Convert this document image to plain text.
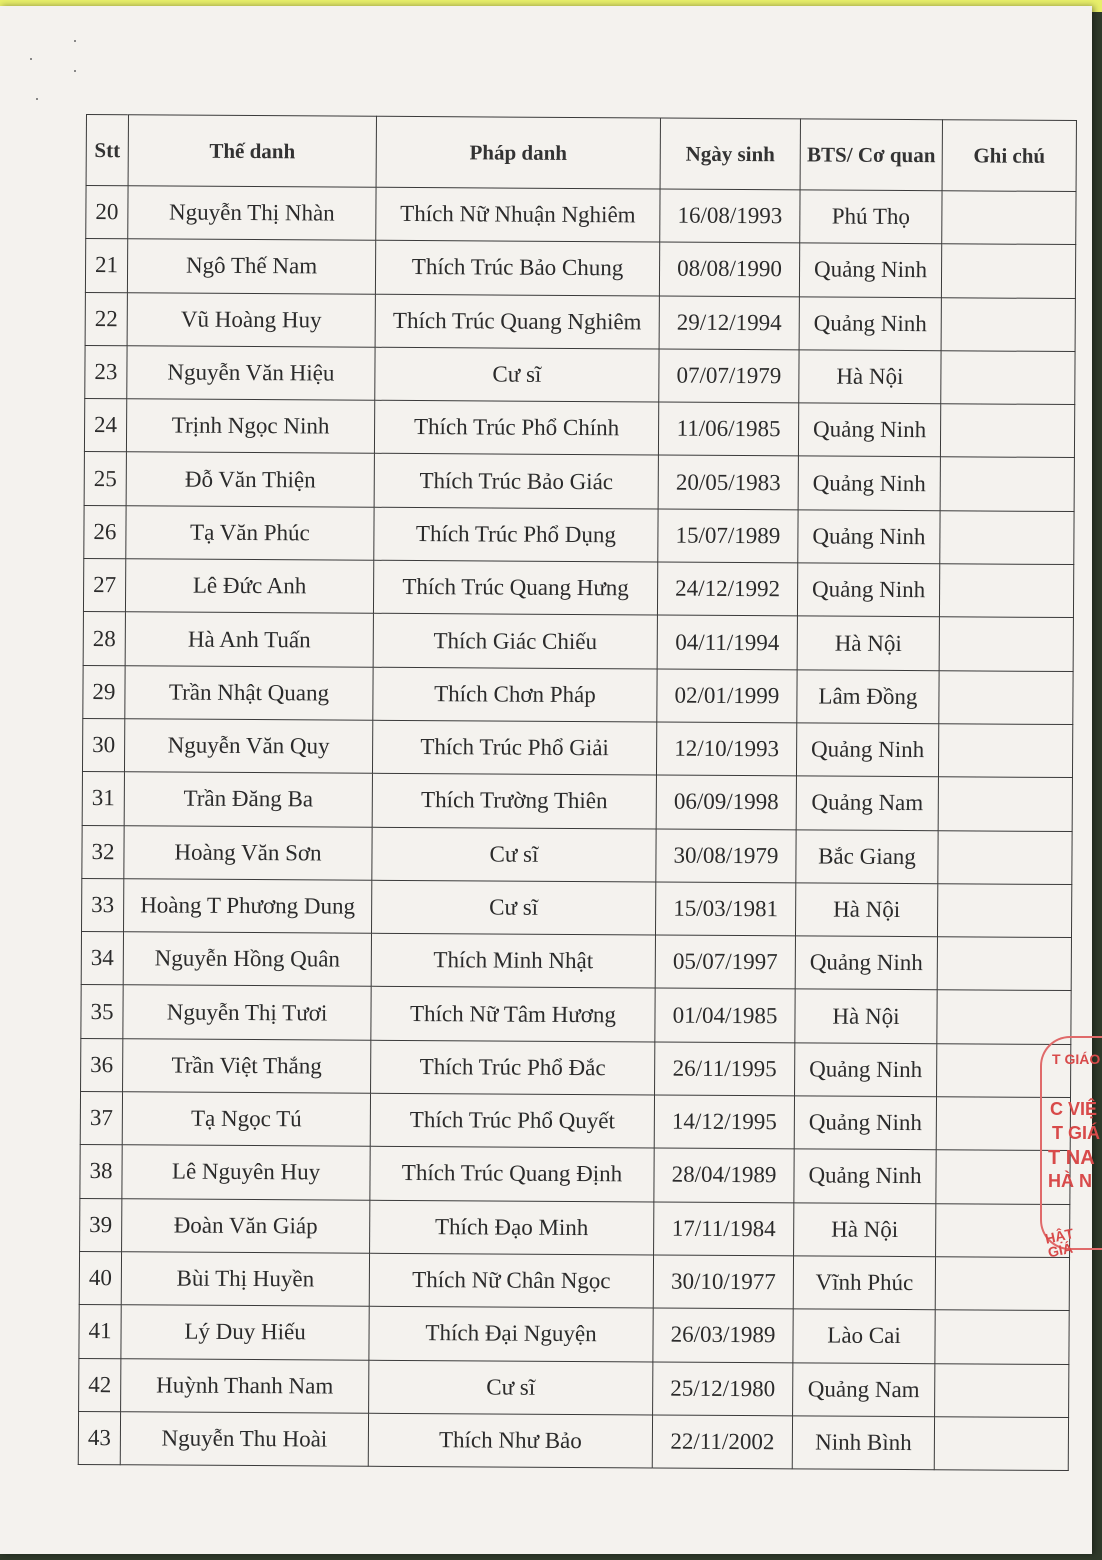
Stt	Thế danh	Pháp danh	Ngày sinh	BTS/ Cơ quan	Ghi chú
20	Nguyễn Thị Nhàn	Thích Nữ Nhuận Nghiêm	16/08/1993	Phú Thọ	
21	Ngô Thế Nam	Thích Trúc Bảo Chung	08/08/1990	Quảng Ninh	
22	Vũ Hoàng Huy	Thích Trúc Quang Nghiêm	29/12/1994	Quảng Ninh	
23	Nguyễn Văn Hiệu	Cư sĩ	07/07/1979	Hà Nội	
24	Trịnh Ngọc Ninh	Thích Trúc Phổ Chính	11/06/1985	Quảng Ninh	
25	Đỗ Văn Thiện	Thích Trúc Bảo Giác	20/05/1983	Quảng Ninh	
26	Tạ Văn Phúc	Thích Trúc Phổ Dụng	15/07/1989	Quảng Ninh	
27	Lê Đức Anh	Thích Trúc Quang Hưng	24/12/1992	Quảng Ninh	
28	Hà Anh Tuấn	Thích Giác Chiếu	04/11/1994	Hà Nội	
29	Trần Nhật Quang	Thích Chơn Pháp	02/01/1999	Lâm Đồng	
30	Nguyễn Văn Quy	Thích Trúc Phổ Giải	12/10/1993	Quảng Ninh	
31	Trần Đăng Ba	Thích Trường Thiên	06/09/1998	Quảng Nam	
32	Hoàng Văn Sơn	Cư sĩ	30/08/1979	Bắc Giang	
33	Hoàng T Phương Dung	Cư sĩ	15/03/1981	Hà Nội	
34	Nguyễn Hồng Quân	Thích Minh Nhật	05/07/1997	Quảng Ninh	
35	Nguyễn Thị Tươi	Thích Nữ Tâm Hương	01/04/1985	Hà Nội	
36	Trần Việt Thắng	Thích Trúc Phổ Đắc	26/11/1995	Quảng Ninh	
37	Tạ Ngọc Tú	Thích Trúc Phổ Quyết	14/12/1995	Quảng Ninh	
38	Lê Nguyên Huy	Thích Trúc Quang Định	28/04/1989	Quảng Ninh	
39	Đoàn Văn Giáp	Thích Đạo Minh	17/11/1984	Hà Nội	
40	Bùi Thị Huyền	Thích Nữ Chân Ngọc	30/10/1977	Vĩnh Phúc	
41	Lý Duy Hiếu	Thích Đại Nguyện	26/03/1989	Lào Cai	
42	Huỳnh Thanh Nam	Cư sĩ	25/12/1980	Quảng Nam	
43	Nguyễn Thu Hoài	Thích Như Bảo	22/11/2002	Ninh Bình	
T GIÁO
C VIỆ
T GIÁ
T NA
HÀ N
HẬT GIÁ
